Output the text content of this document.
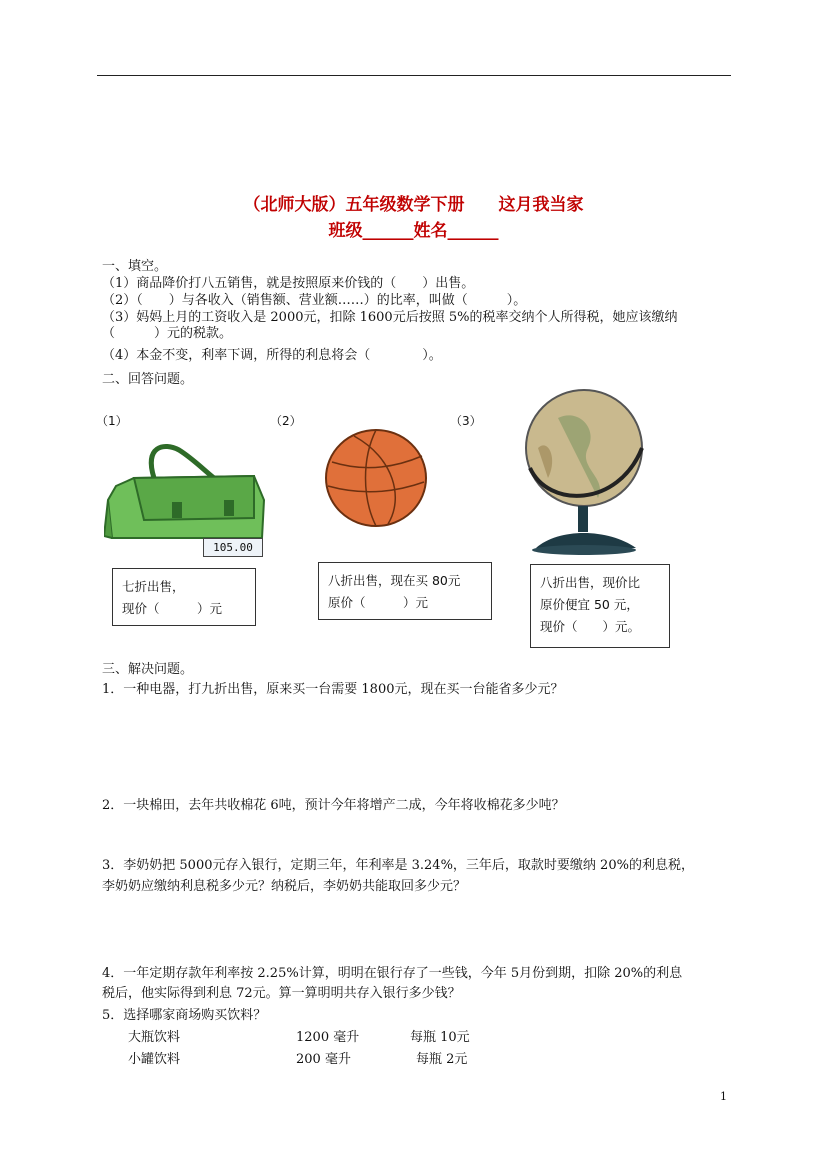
（北师大版）五年级数学下册　　这月我当家
班级______姓名______
一、填空。
（1）商品降价打八五销售，就是按照原来价钱的（　　）出售。
（2）（　　）与各收入（销售额、营业额……）的比率，叫做（　　　）。
（3）妈妈上月的工资收入是 2000元，扣除 1600元后按照 5%的税率交纳个人所得税，她应该缴纳
（　　　）元的税款。
（4）本金不变，利率下调，所得的利息将会（　　　　）。
二、回答问题。
（1）	（2）	（3）
105.00
七折出售，
现价（　　　）元
八折出售，现在买 80元
原价（　　　）元
八折出售，现价比
原价便宜 50 元，
现价（　　）元。
三、解决问题。
1．一种电器，打九折出售，原来买一台需要 1800元，现在买一台能省多少元？
2．一块棉田，去年共收棉花 6吨，预计今年将增产二成，今年将收棉花多少吨？
3．李奶奶把 5000元存入银行，定期三年，年利率是 3.24%，三年后，取款时要缴纳 20%的利息税，
李奶奶应缴纳利息税多少元？纳税后，李奶奶共能取回多少元？
4．一年定期存款年利率按 2.25%计算，明明在银行存了一些钱，今年 5月份到期，扣除 20%的利息
税后，他实际得到利息 72元。算一算明明共存入银行多少钱？
5．选择哪家商场购买饮料？
大瓶饮料	1200 毫升	每瓶 10元
小罐饮料	200 毫升	每瓶 2元
1
